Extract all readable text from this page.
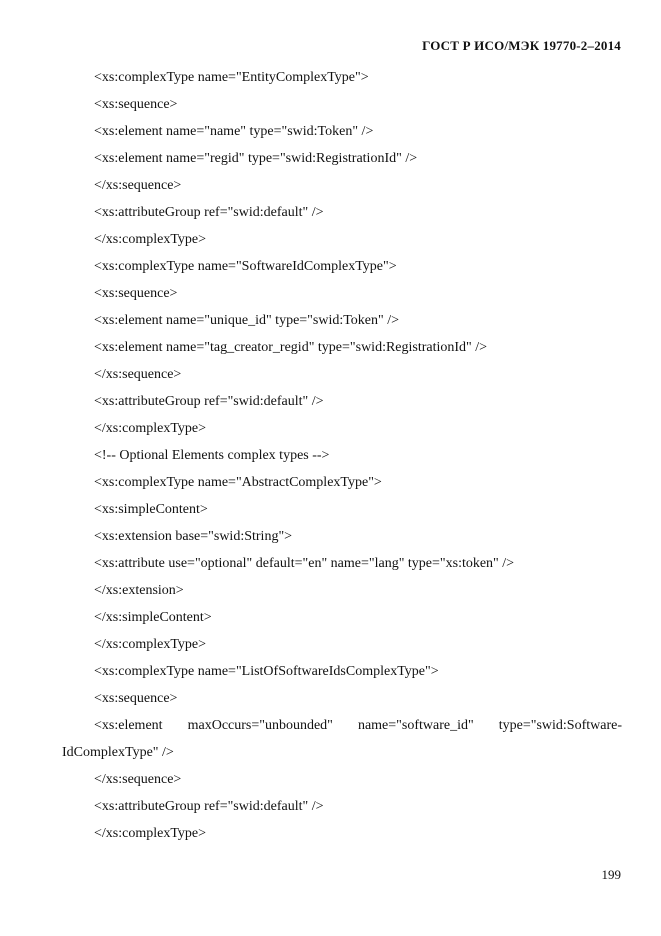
ГОСТ Р ИСО/МЭК 19770-2–2014
<xs:complexType name="EntityComplexType">
<xs:sequence>
<xs:element name="name" type="swid:Token" />
<xs:element name="regid" type="swid:RegistrationId" />
</xs:sequence>
<xs:attributeGroup ref="swid:default" />
</xs:complexType>
<xs:complexType name="SoftwareIdComplexType">
<xs:sequence>
<xs:element name="unique_id" type="swid:Token" />
<xs:element name="tag_creator_regid" type="swid:RegistrationId" />
</xs:sequence>
<xs:attributeGroup ref="swid:default" />
</xs:complexType>
<!-- Optional Elements complex types -->
<xs:complexType name="AbstractComplexType">
<xs:simpleContent>
<xs:extension base="swid:String">
<xs:attribute use="optional" default="en" name="lang" type="xs:token" />
</xs:extension>
</xs:simpleContent>
</xs:complexType>
<xs:complexType name="ListOfSoftwareIdsComplexType">
<xs:sequence>
<xs:element maxOccurs="unbounded" name="software_id" type="swid:Software-
IdComplexType" />
</xs:sequence>
<xs:attributeGroup ref="swid:default" />
</xs:complexType>
199
